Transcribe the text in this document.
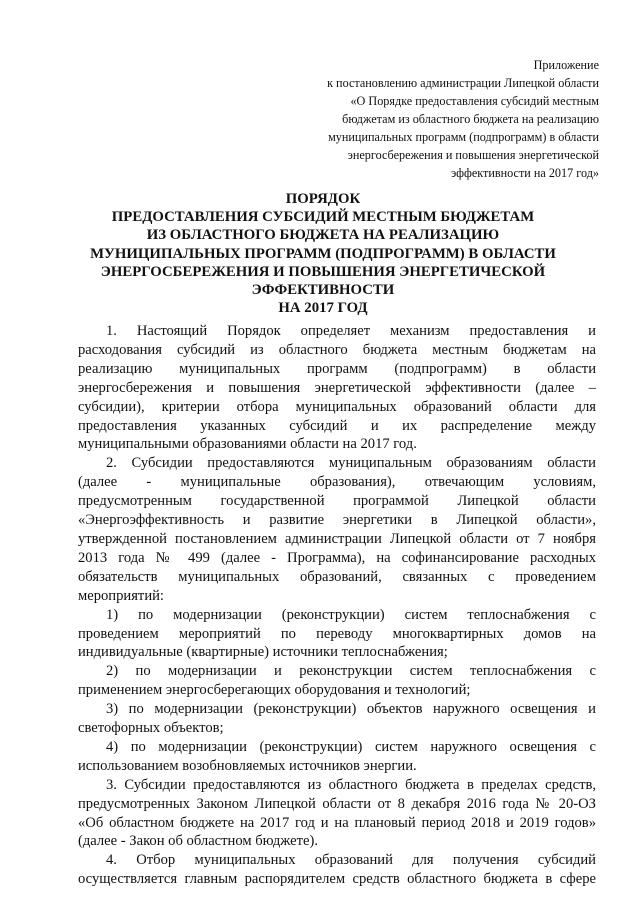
Приложение
к постановлению администрации Липецкой области
«О Порядке предоставления субсидий местным
бюджетам из областного бюджета на реализацию
муниципальных программ (подпрограмм) в области
энергосбережения и повышения энергетической
эффективности на 2017 год»
ПОРЯДОК
ПРЕДОСТАВЛЕНИЯ СУБСИДИЙ МЕСТНЫМ БЮДЖЕТАМ
ИЗ ОБЛАСТНОГО БЮДЖЕТА НА РЕАЛИЗАЦИЮ
МУНИЦИПАЛЬНЫХ ПРОГРАММ (ПОДПРОГРАММ) В ОБЛАСТИ
ЭНЕРГОСБЕРЕЖЕНИЯ И ПОВЫШЕНИЯ ЭНЕРГЕТИЧЕСКОЙ
ЭФФЕКТИВНОСТИ
НА 2017 ГОД
1. Настоящий Порядок определяет механизм предоставления и
расходования субсидий из областного бюджета местным бюджетам на
реализацию муниципальных программ (подпрограмм) в области
энергосбережения и повышения энергетической эффективности (далее –
субсидии), критерии отбора муниципальных образований области для
предоставления указанных субсидий и их распределение между
муниципальными образованиями области на 2017 год.
2. Субсидии предоставляются муниципальным образованиям области
(далее - муниципальные образования), отвечающим условиям,
предусмотренным государственной программой Липецкой области
«Энергоэффективность и развитие энергетики в Липецкой области»,
утвержденной постановлением администрации Липецкой области от 7 ноября
2013 года № 499 (далее - Программа), на софинансирование расходных
обязательств муниципальных образований, связанных с проведением
мероприятий:
1) по модернизации (реконструкции) систем теплоснабжения с
проведением мероприятий по переводу многоквартирных домов на
индивидуальные (квартирные) источники теплоснабжения;
2) по модернизации и реконструкции систем теплоснабжения с
применением энергосберегающих оборудования и технологий;
3) по модернизации (реконструкции) объектов наружного освещения и
светофорных объектов;
4) по модернизации (реконструкции) систем наружного освещения с
использованием возобновляемых источников энергии.
3. Субсидии предоставляются из областного бюджета в пределах средств,
предусмотренных Законом Липецкой области от 8 декабря 2016 года № 20-ОЗ
«Об областном бюджете на 2017 год и на плановый период 2018 и 2019 годов»
(далее - Закон об областном бюджете).
4. Отбор муниципальных образований для получения субсидий
осуществляется главным распорядителем средств областного бюджета в сфере
